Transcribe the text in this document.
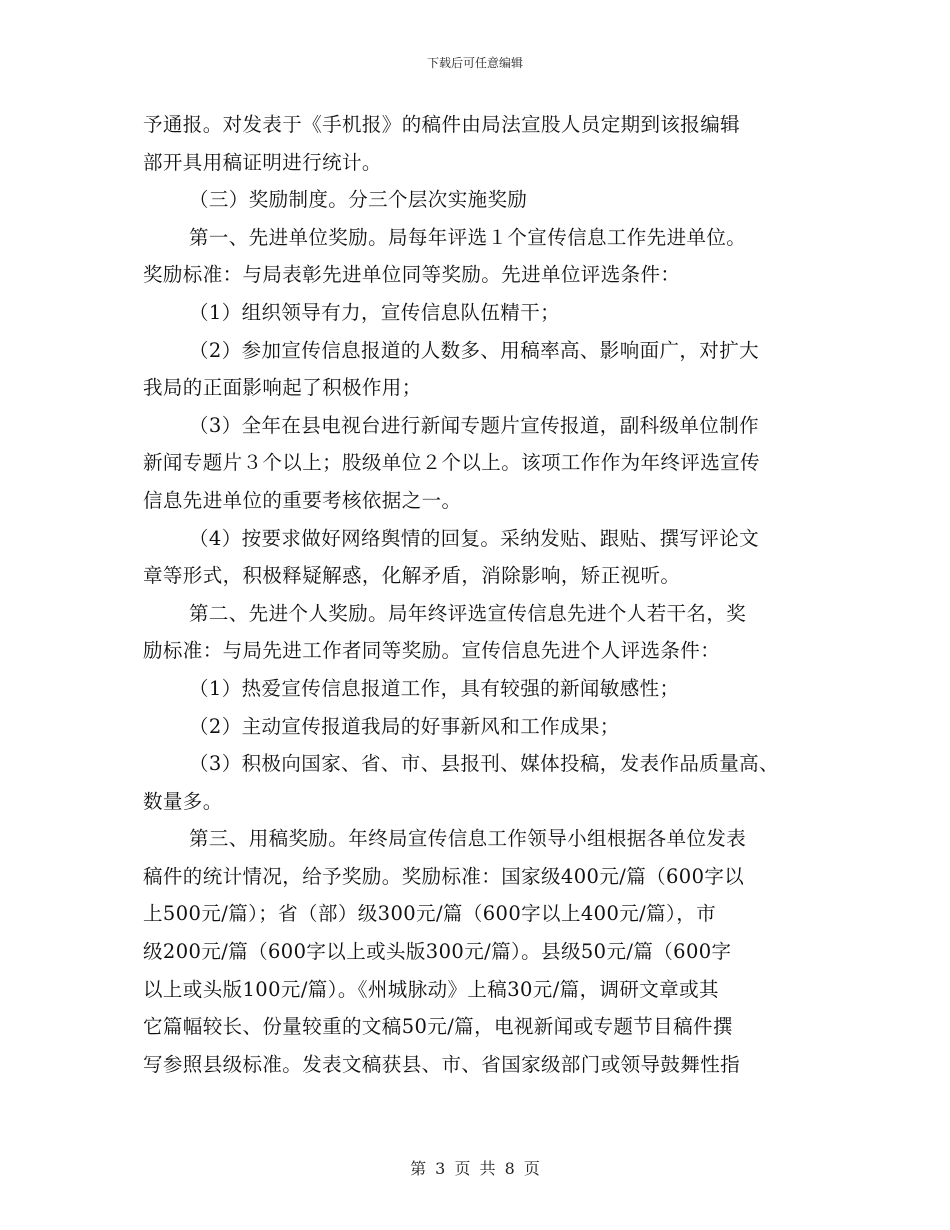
下载后可任意编辑
予通报。对发表于《手机报》的稿件由局法宣股人员定期到该报编辑
部开具用稿证明进行统计。
（三）奖励制度。分三个层次实施奖励
第一、先进单位奖励。局每年评选１个宣传信息工作先进单位。
奖励标准：与局表彰先进单位同等奖励。先进单位评选条件：
（1）组织领导有力，宣传信息队伍精干；
（2）参加宣传信息报道的人数多、用稿率高、影响面广，对扩大
我局的正面影响起了积极作用；
（3）全年在县电视台进行新闻专题片宣传报道，副科级单位制作
新闻专题片３个以上；股级单位２个以上。该项工作作为年终评选宣传
信息先进单位的重要考核依据之一。
（4）按要求做好网络舆情的回复。采纳发贴、跟贴、撰写评论文
章等形式，积极释疑解惑，化解矛盾，消除影响，矫正视听。
第二、先进个人奖励。局年终评选宣传信息先进个人若干名，奖
励标准：与局先进工作者同等奖励。宣传信息先进个人评选条件：
（1）热爱宣传信息报道工作，具有较强的新闻敏感性；
（2）主动宣传报道我局的好事新风和工作成果；
（3）积极向国家、省、市、县报刊、媒体投稿，发表作品质量高、
数量多。
第三、用稿奖励。年终局宣传信息工作领导小组根据各单位发表
稿件的统计情况，给予奖励。奖励标准：国家级400元/篇（600字以
上500元/篇）；省（部）级300元/篇（600字以上400元/篇），市
级200元/篇（600字以上或头版300元/篇）。县级50元/篇（600字
以上或头版100元/篇）。《州城脉动》上稿30元/篇，调研文章或其
它篇幅较长、份量较重的文稿50元/篇，电视新闻或专题节目稿件撰
写参照县级标准。发表文稿获县、市、省国家级部门或领导鼓舞性指
第 3 页 共 8 页
